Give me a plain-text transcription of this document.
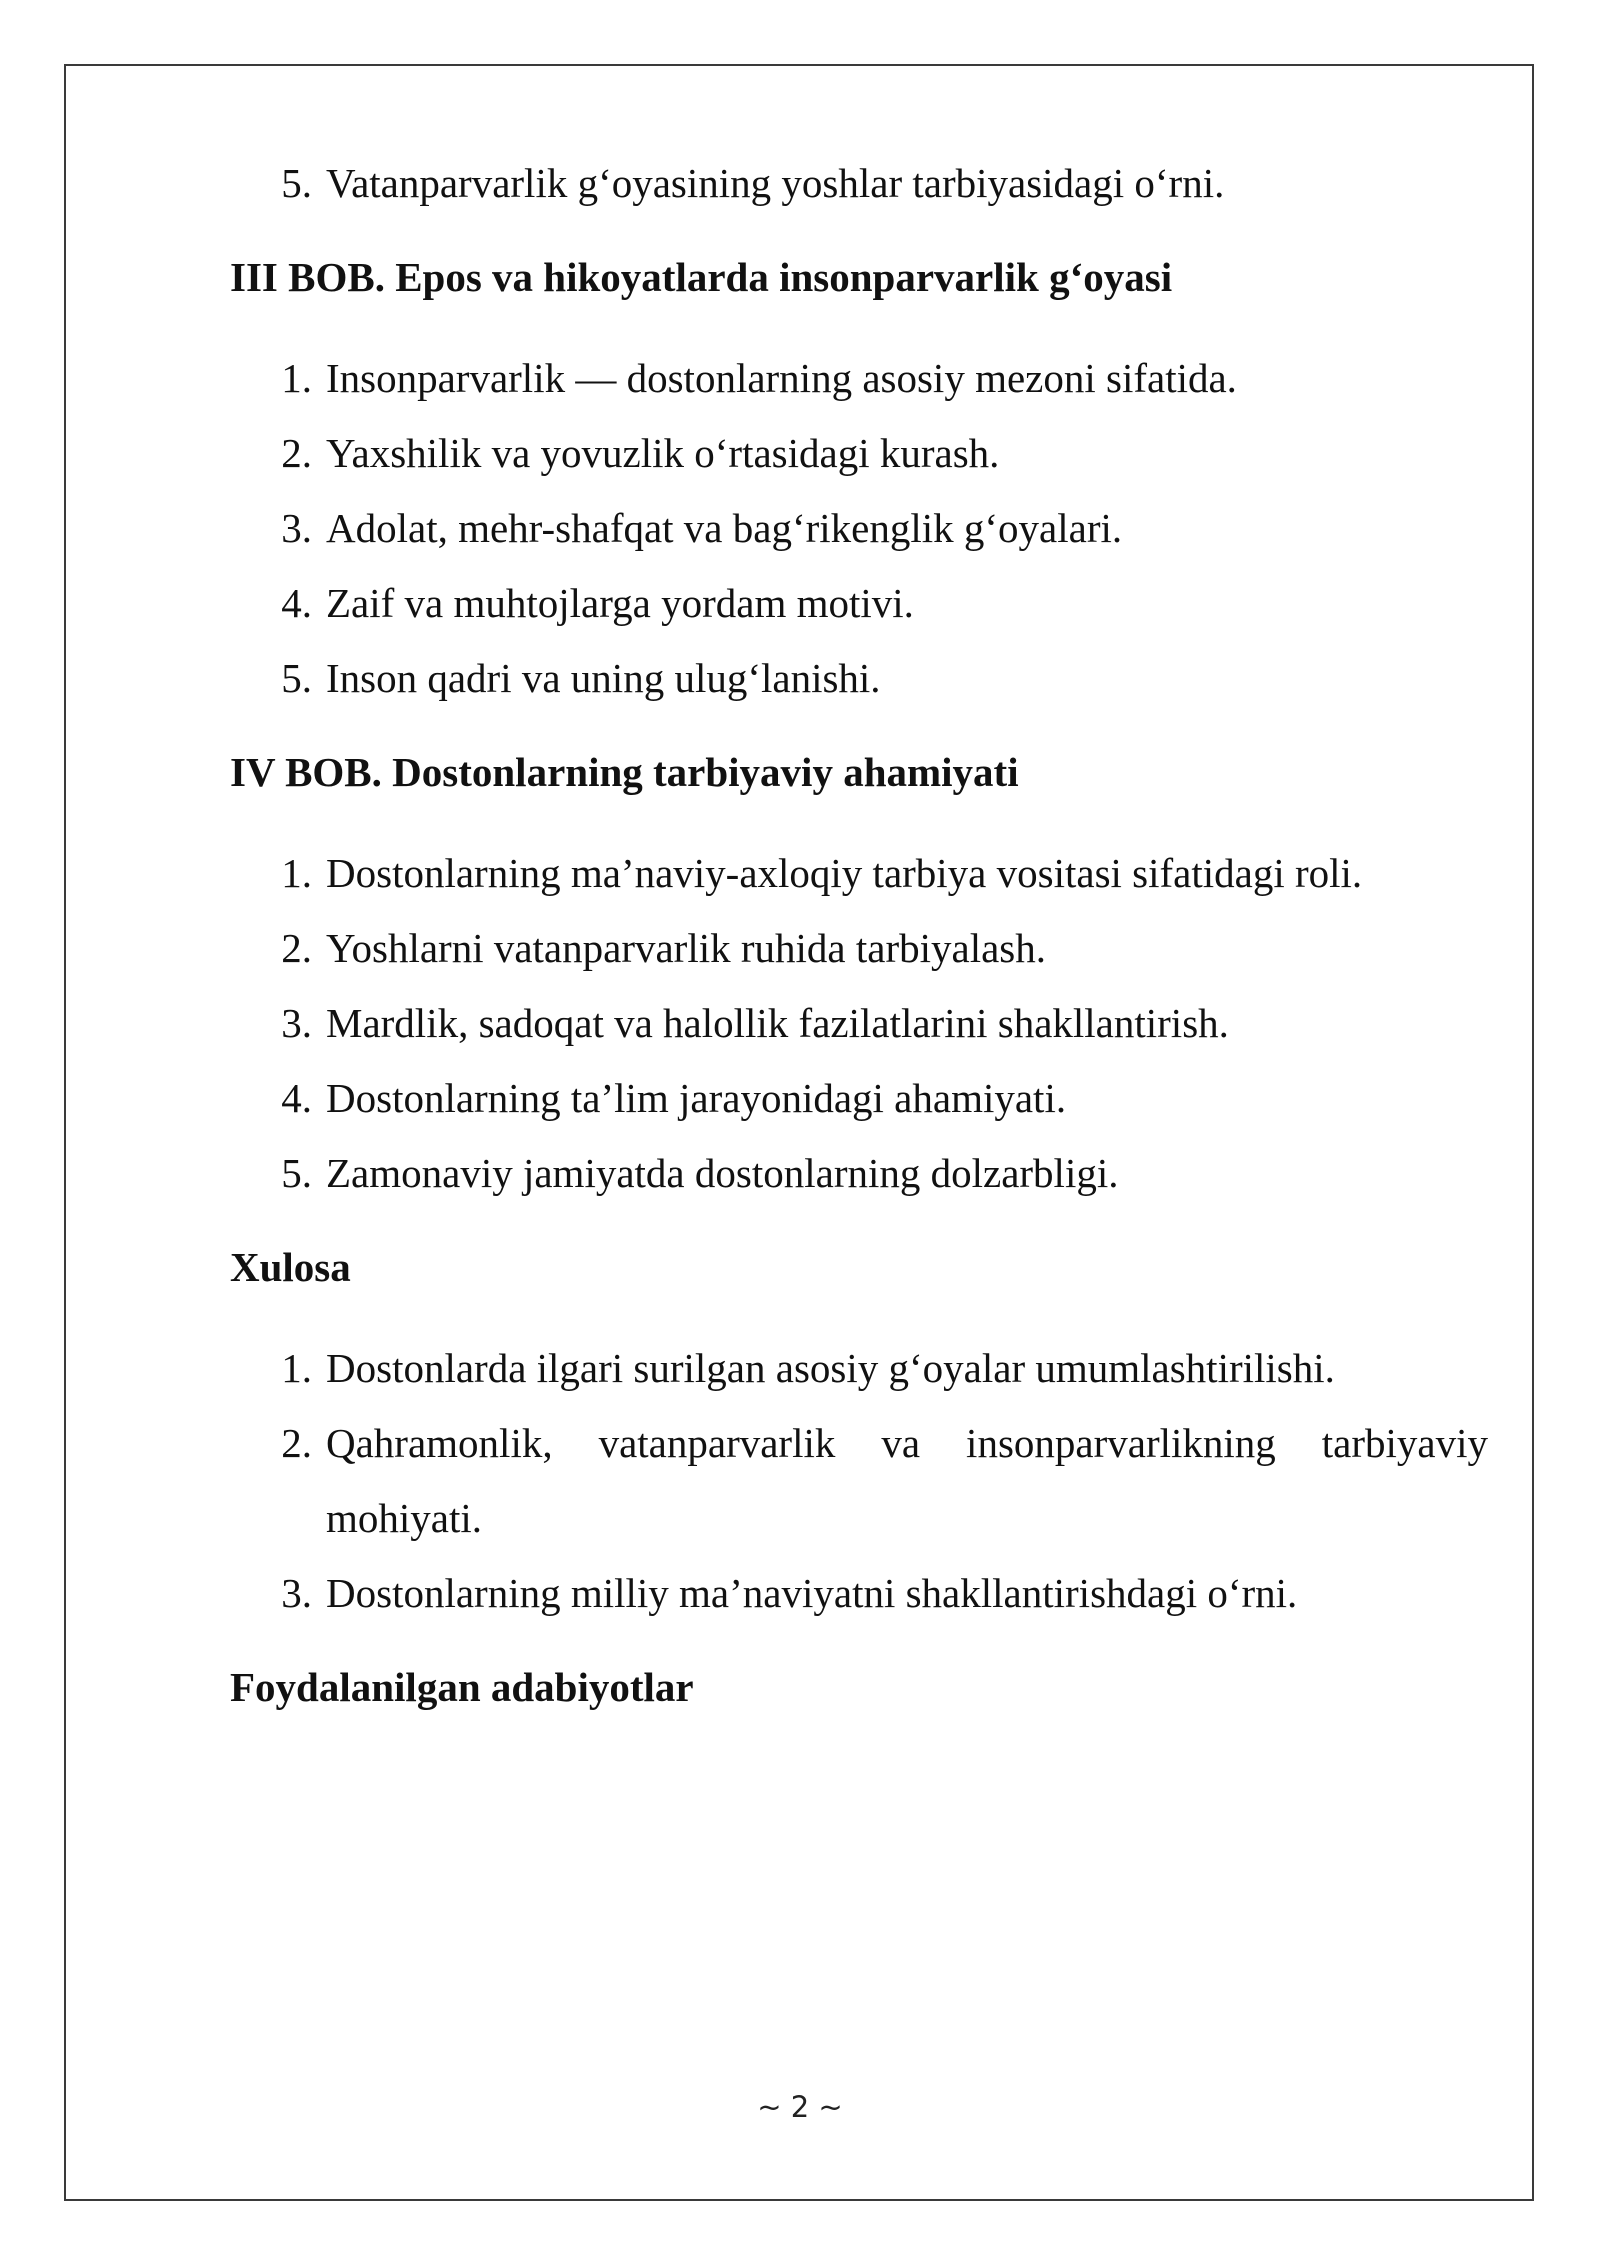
5. Vatanparvarlik g‘oyasining yoshlar tarbiyasidagi o‘rni.
III BOB. Epos va hikoyatlarda insonparvarlik g‘oyasi
1. Insonparvarlik — dostonlarning asosiy mezoni sifatida.
2. Yaxshilik va yovuzlik o‘rtasidagi kurash.
3. Adolat, mehr-shafqat va bag‘rikenglik g‘oyalari.
4. Zaif va muhtojlarga yordam motivi.
5. Inson qadri va uning ulug‘lanishi.
IV BOB. Dostonlarning tarbiyaviy ahamiyati
1. Dostonlarning ma’naviy-axloqiy tarbiya vositasi sifatidagi roli.
2. Yoshlarni vatanparvarlik ruhida tarbiyalash.
3. Mardlik, sadoqat va halollik fazilatlarini shakllantirish.
4. Dostonlarning ta’lim jarayonidagi ahamiyati.
5. Zamonaviy jamiyatda dostonlarning dolzarbligi.
Xulosa
1. Dostonlarda ilgari surilgan asosiy g‘oyalar umumlashtirilishi.
2. Qahramonlik, vatanparvarlik va insonparvarlikning tarbiyaviy mohiyati.
3. Dostonlarning milliy ma’naviyatni shakllantirishdagi o‘rni.
Foydalanilgan adabiyotlar
~ 2 ~
